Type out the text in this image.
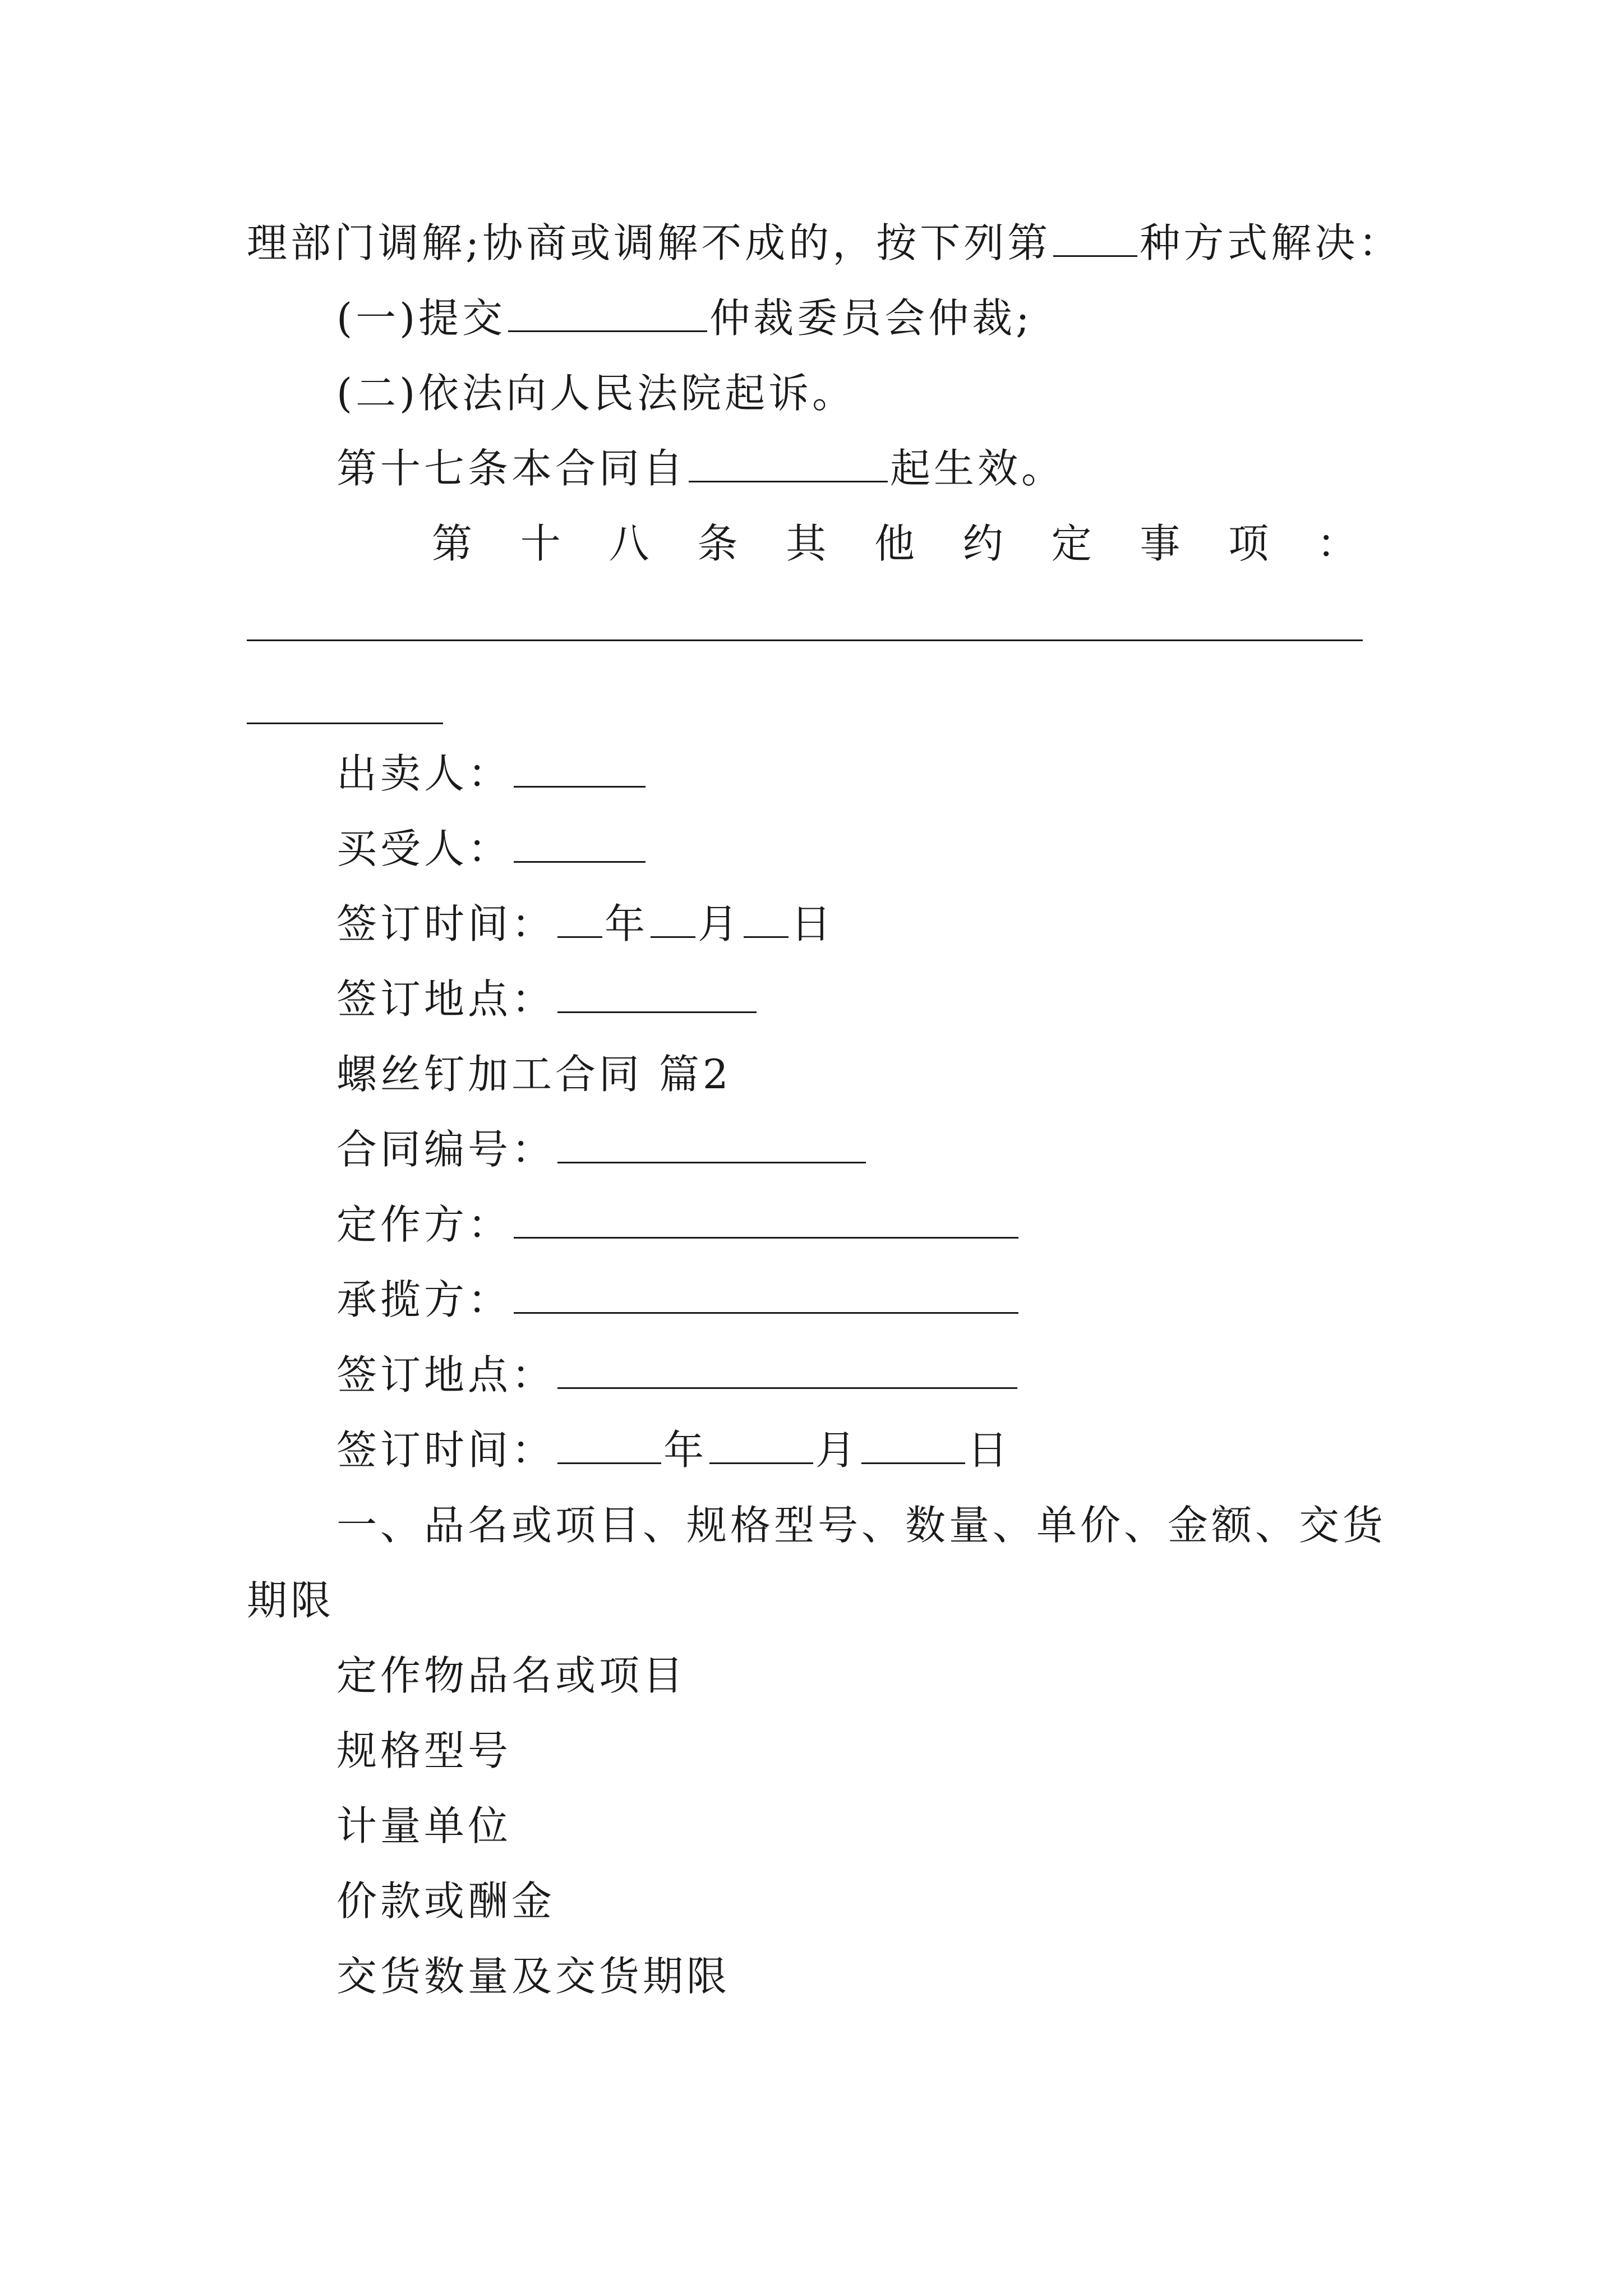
理部门调解;协商或调解不成的，按下列第 种方式解决：
(一)提交	仲裁委员会仲裁;
(二)依法向人民法院起诉。
第十七条本合同自	起生效。
第 十 八 条 其 他 约 定 事 项 ：
出卖人：
买受人：
签订时间： 年 月 日
签订地点：
螺丝钉加工合同 篇2
合同编号：
定作方：
承揽方：
签订地点：
签订时间：	年	月	日
一、品名或项目、规格型号、数量、单价、金额、交货
期限
定作物品名或项目
规格型号
计量单位
价款或酬金
交货数量及交货期限
